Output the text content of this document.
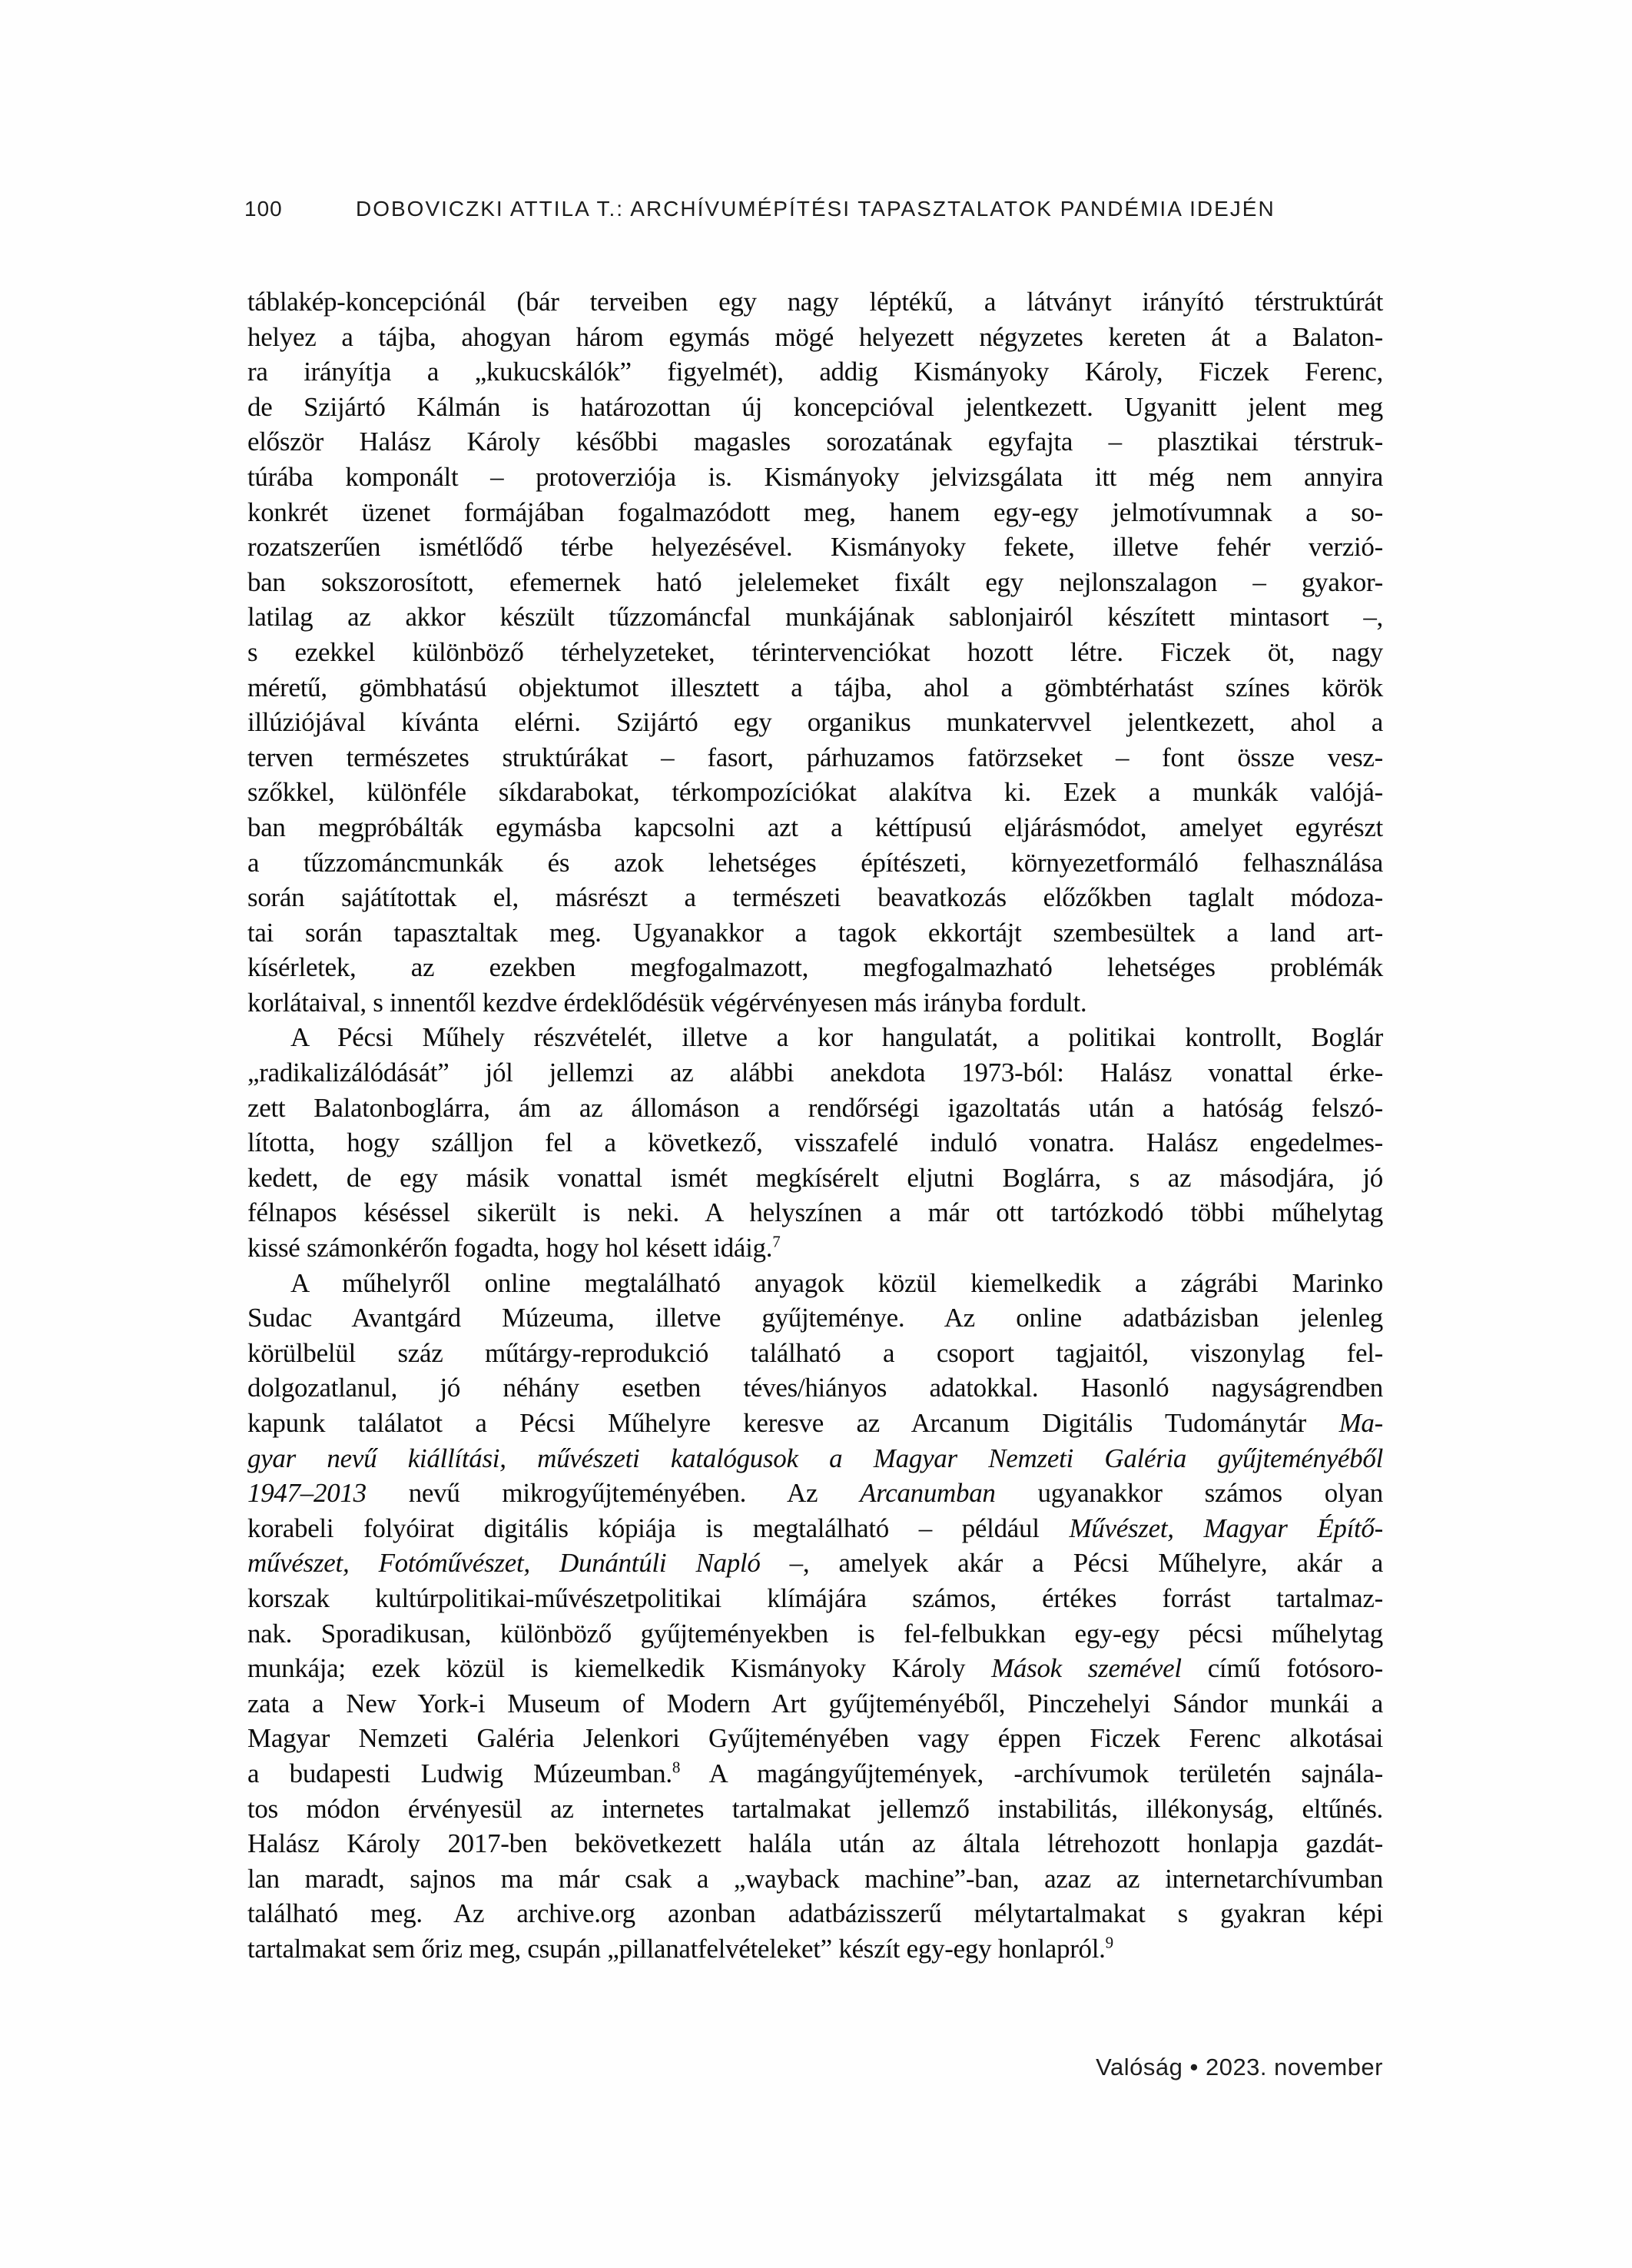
100	DOBOVICZKI ATTILA T.: ARCHÍVUMÉPÍTÉSI TAPASZTALATOK PANDÉMIA IDEJÉN
táblakép-koncepciónál (bár terveiben egy nagy léptékű, a látványt irányító térstruktúrát
helyez a tájba, ahogyan három egymás mögé helyezett négyzetes kereten át a Balaton-
ra irányítja a „kukucskálók” figyelmét), addig Kismányoky Károly, Ficzek Ferenc,
de Szijártó Kálmán is határozottan új koncepcióval jelentkezett. Ugyanitt jelent meg
először Halász Károly későbbi magasles sorozatának egyfajta – plasztikai térstruk-
túrába komponált – protoverziója is. Kismányoky jelvizsgálata itt még nem annyira
konkrét üzenet formájában fogalmazódott meg, hanem egy-egy jelmotívumnak a so-
rozatszerűen ismétlődő térbe helyezésével. Kismányoky fekete, illetve fehér verzió-
ban sokszorosított, efemernek ható jelelemeket fixált egy nejlonszalagon – gyakor-
latilag az akkor készült tűzzománcfal munkájának sablonjairól készített mintasort –,
s ezekkel különböző térhelyzeteket, térintervenciókat hozott létre. Ficzek öt, nagy
méretű, gömbhatású objektumot illesztett a tájba, ahol a gömbtérhatást színes körök
illúziójával kívánta elérni. Szijártó egy organikus munkatervvel jelentkezett, ahol a
terven természetes struktúrákat – fasort, párhuzamos fatörzseket – font össze vesz-
szőkkel, különféle síkdarabokat, térkompozíciókat alakítva ki. Ezek a munkák valójá-
ban megpróbálták egymásba kapcsolni azt a kéttípusú eljárásmódot, amelyet egyrészt
a tűzzománcmunkák és azok lehetséges építészeti, környezetformáló felhasználása
során sajátítottak el, másrészt a természeti beavatkozás előzőkben taglalt módoza-
tai során tapasztaltak meg. Ugyanakkor a tagok ekkortájt szembesültek a land art-
kísérletek, az ezekben megfogalmazott, megfogalmazható lehetséges problémák
korlátaival, s innentől kezdve érdeklődésük végérvényesen más irányba fordult.
A Pécsi Műhely részvételét, illetve a kor hangulatát, a politikai kontrollt, Boglár
„radikalizálódását” jól jellemzi az alábbi anekdota 1973-ból: Halász vonattal érke-
zett Balatonboglárra, ám az állomáson a rendőrségi igazoltatás után a hatóság felszó-
lította, hogy szálljon fel a következő, visszafelé induló vonatra. Halász engedelmes-
kedett, de egy másik vonattal ismét megkísérelt eljutni Boglárra, s az másodjára, jó
félnapos késéssel sikerült is neki. A helyszínen a már ott tartózkodó többi műhelytag
kissé számonkérőn fogadta, hogy hol késett idáig.$^7$
A műhelyről online megtalálható anyagok közül kiemelkedik a zágrábi Marinko
Sudac Avantgárd Múzeuma, illetve gyűjteménye. Az online adatbázisban jelenleg
körülbelül száz műtárgy-reprodukció található a csoport tagjaitól, viszonylag fel-
dolgozatlanul, jó néhány esetben téves/hiányos adatokkal. Hasonló nagyságrendben
kapunk találatot a Pécsi Műhelyre keresve az Arcanum Digitális Tudománytár Ma-
gyar nevű kiállítási, művészeti katalógusok a Magyar Nemzeti Galéria gyűjteményéből
1947–2013 nevű mikrogyűjteményében. Az Arcanumban ugyanakkor számos olyan
korabeli folyóirat digitális kópiája is megtalálható – például Művészet, Magyar Építő-
művészet, Fotóművészet, Dunántúli Napló –, amelyek akár a Pécsi Műhelyre, akár a
korszak kultúrpolitikai-művészetpolitikai klímájára számos, értékes forrást tartalmaz-
nak. Sporadikusan, különböző gyűjteményekben is fel-felbukkan egy-egy pécsi műhelytag
munkája; ezek közül is kiemelkedik Kismányoky Károly Mások szemével című fotósoro-
zata a New York-i Museum of Modern Art gyűjteményéből, Pinczehelyi Sándor munkái a
Magyar Nemzeti Galéria Jelenkori Gyűjteményében vagy éppen Ficzek Ferenc alkotásai
a budapesti Ludwig Múzeumban.$^8$ A magángyűjtemények, -archívumok területén sajnála-
tos módon érvényesül az internetes tartalmakat jellemző instabilitás, illékonyság, eltűnés.
Halász Károly 2017-ben bekövetkezett halála után az általa létrehozott honlapja gazdát-
lan maradt, sajnos ma már csak a „wayback machine”-ban, azaz az internetarchívumban
található meg. Az archive.org azonban adatbázisszerű mélytartalmakat s gyakran képi
tartalmakat sem őriz meg, csupán „pillanatfelvételeket” készít egy-egy honlapról.$^9$
Valóság • 2023. november
